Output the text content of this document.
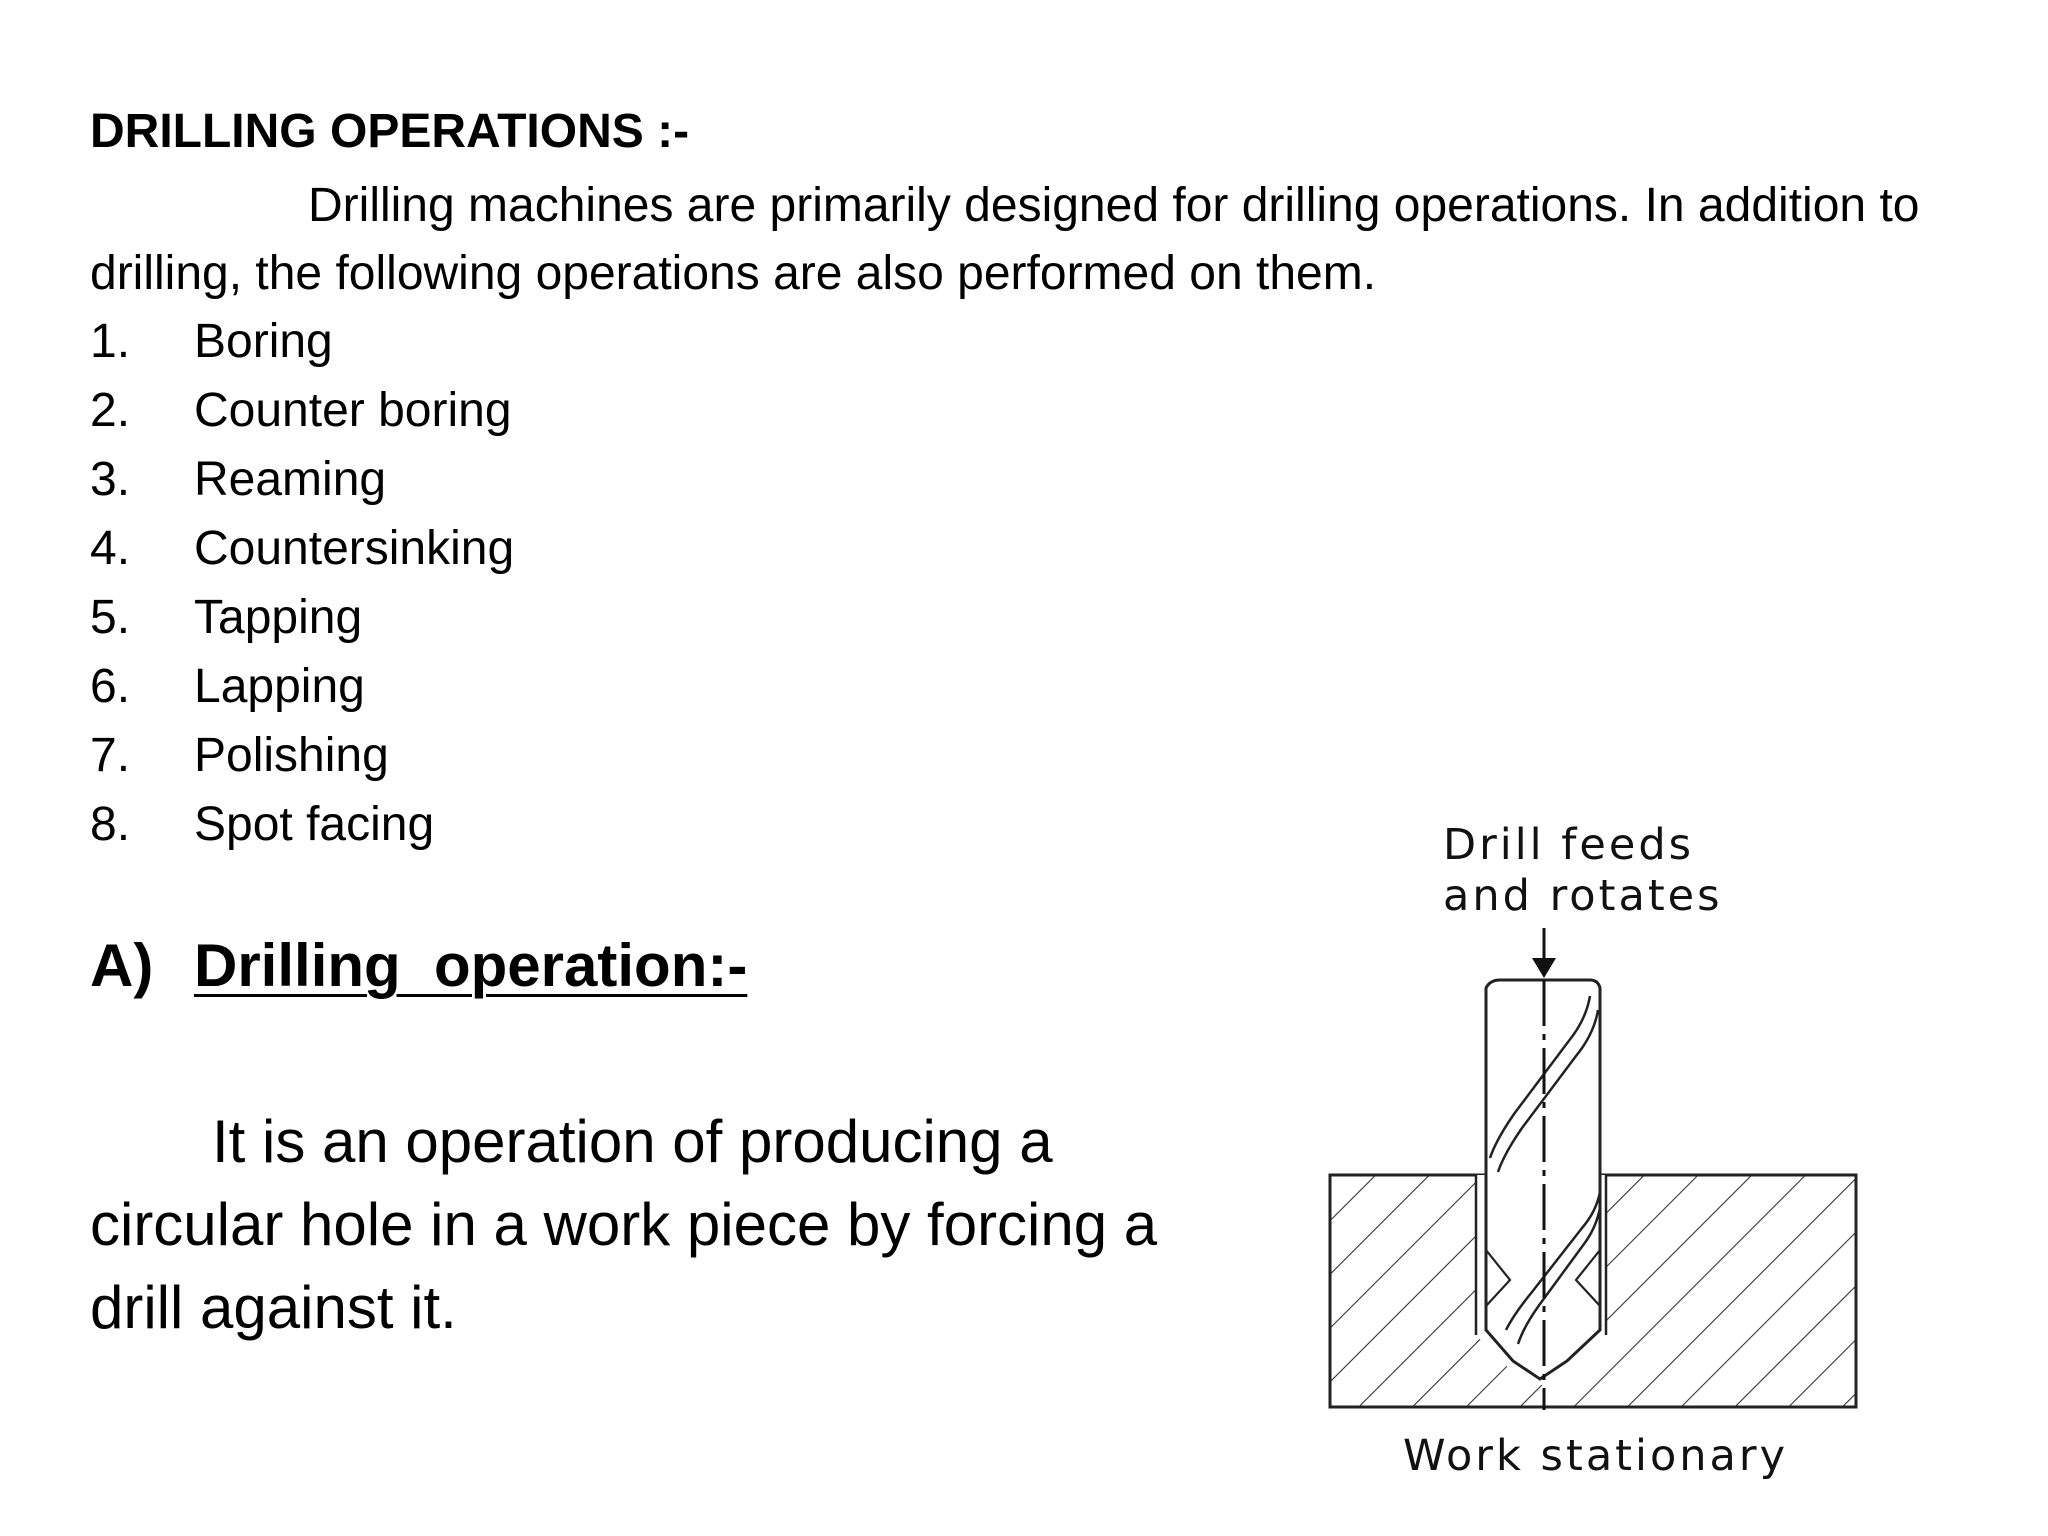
DRILLING OPERATIONS :-

Drilling machines are primarily designed for drilling operations. In addition to drilling, the following operations are also performed on them.

1.	Boring
2.	Counter boring
3.	Reaming
4.	Countersinking
5.	Tapping
6.	Lapping
7.	Polishing
8.	Spot facing
A) Drilling  operation:-

It is an operation of producing a circular hole in a work piece by forcing a drill against it.

Drill feeds
and rotates

Work stationary
